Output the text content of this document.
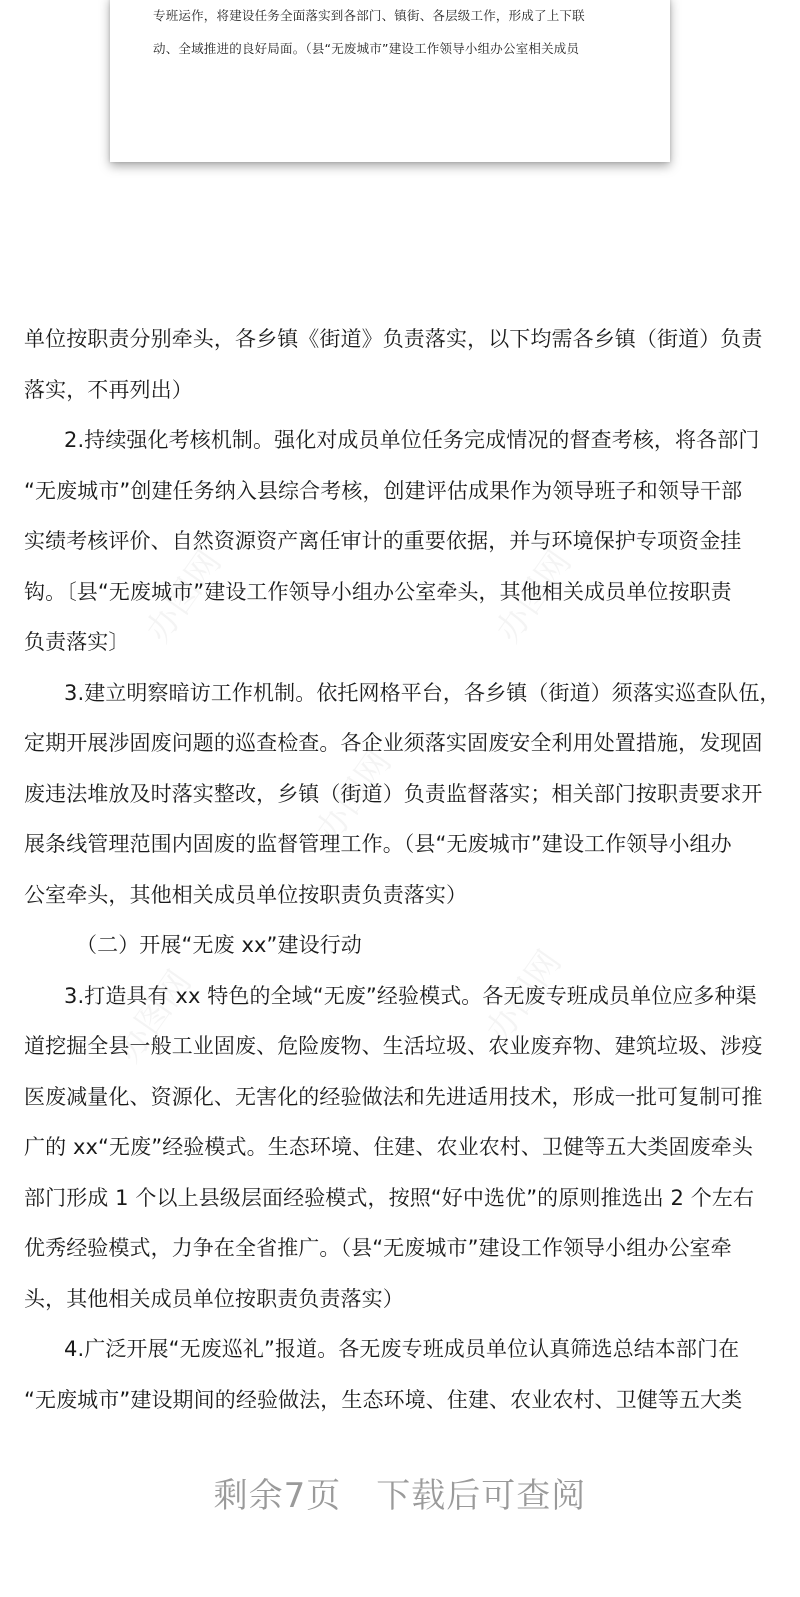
专班运作，将建设任务全面落实到各部门、镇街、各层级工作，形成了上下联
动、全域推进的良好局面。（县“无废城市”建设工作领导小组办公室相关成员
办图网	办图网
办图网
办图网	办图网
单位按职责分别牵头，各乡镇《街道》负责落实，以下均需各乡镇（街道）负责
落实，不再列出）
2.持续强化考核机制。强化对成员单位任务完成情况的督查考核，将各部门
“无废城市”创建任务纳入县综合考核，创建评估成果作为领导班子和领导干部
实绩考核评价、自然资源资产离任审计的重要依据，并与环境保护专项资金挂
钩。〔县“无废城市”建设工作领导小组办公室牵头，其他相关成员单位按职责
负责落实〕
3.建立明察暗访工作机制。依托网格平台，各乡镇（街道）须落实巡查队伍，
定期开展涉固废问题的巡查检查。各企业须落实固废安全利用处置措施，发现固
废违法堆放及时落实整改，乡镇（街道）负责监督落实；相关部门按职责要求开
展条线管理范围内固废的监督管理工作。（县“无废城市”建设工作领导小组办
公室牵头，其他相关成员单位按职责负责落实）
（二）开展“无废 xx”建设行动
3.打造具有 xx 特色的全域“无废”经验模式。各无废专班成员单位应多种渠
道挖掘全县一般工业固废、危险废物、生活垃圾、农业废弃物、建筑垃圾、涉疫
医废减量化、资源化、无害化的经验做法和先进适用技术，形成一批可复制可推
广的 xx“无废”经验模式。生态环境、住建、农业农村、卫健等五大类固废牵头
部门形成 1 个以上县级层面经验模式，按照“好中选优”的原则推选出 2 个左右
优秀经验模式，力争在全省推广。（县“无废城市”建设工作领导小组办公室牵
头，其他相关成员单位按职责负责落实）
4.广泛开展“无废巡礼”报道。各无废专班成员单位认真筛选总结本部门在
“无废城市”建设期间的经验做法，生态环境、住建、农业农村、卫健等五大类
剩余7页　下载后可查阅
